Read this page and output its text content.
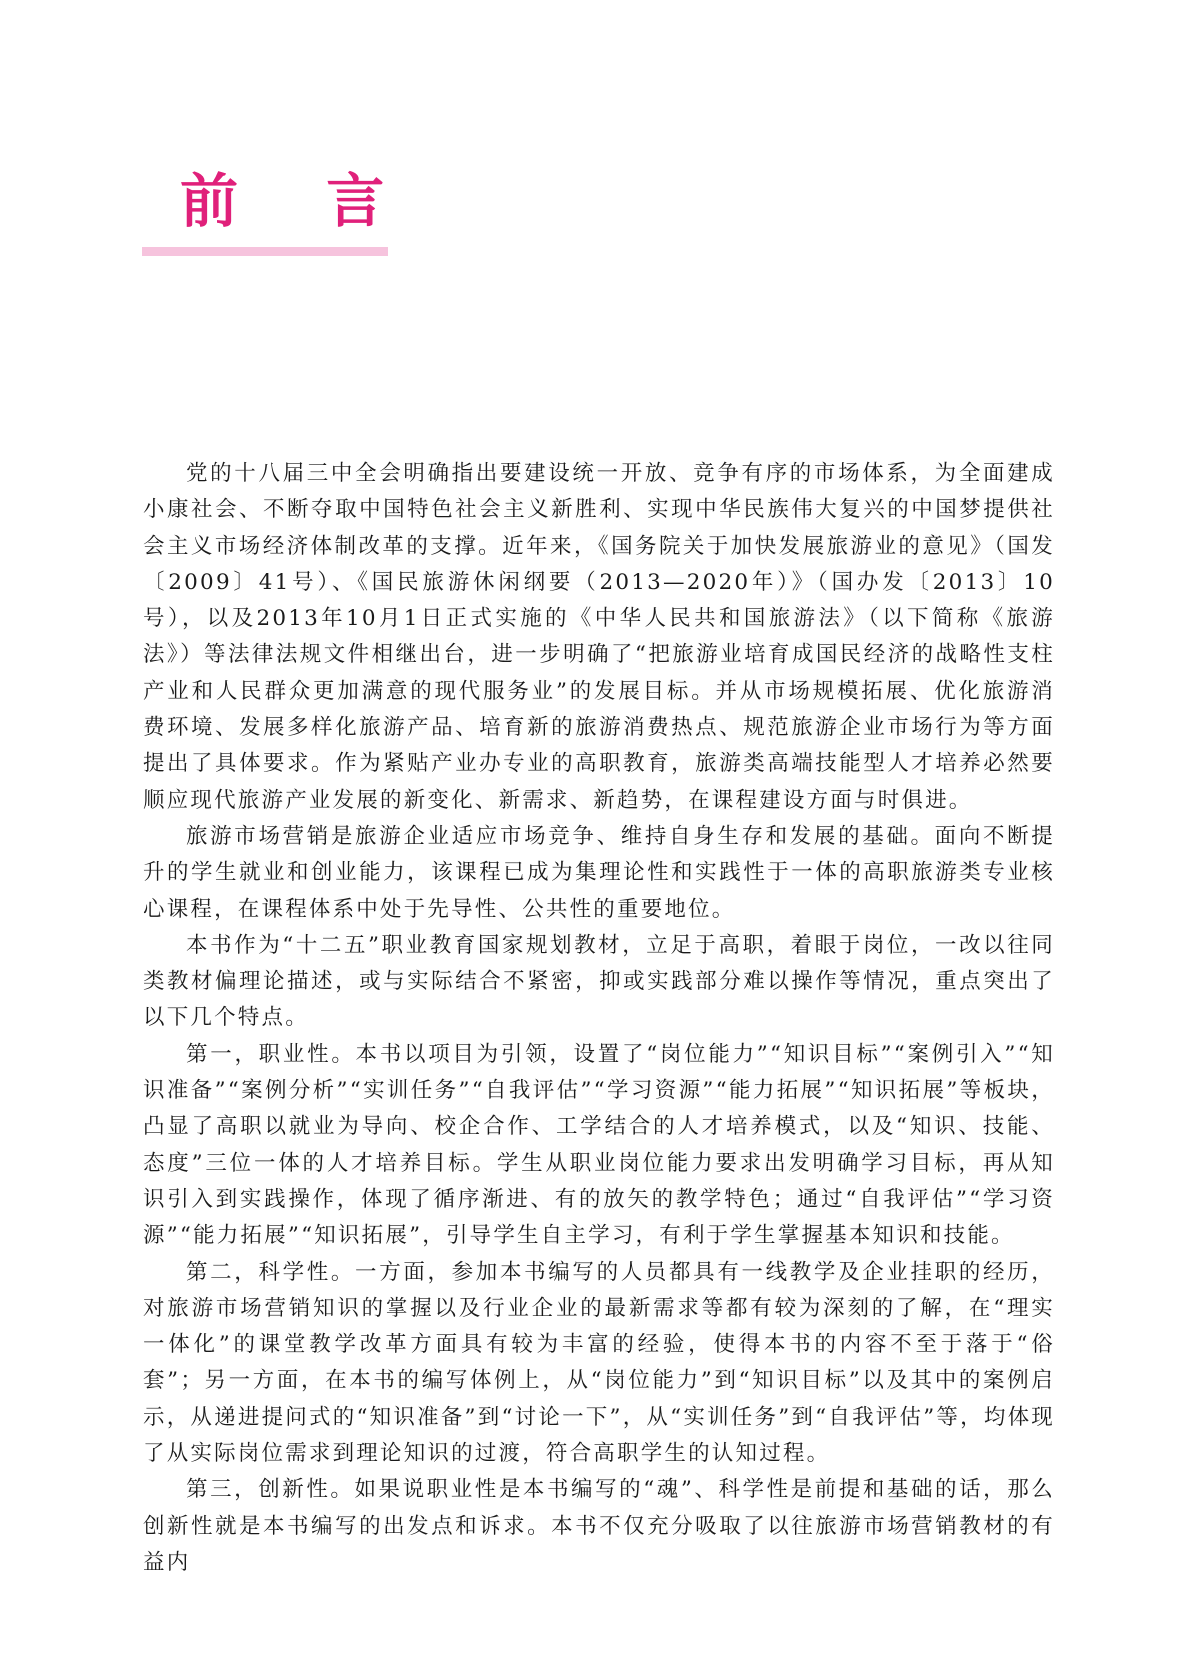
前 言

党的十八届三中全会明确指出要建设统一开放、竞争有序的市场体系，为全面建成小康社会、不断夺取中国特色社会主义新胜利、实现中华民族伟大复兴的中国梦提供社会主义市场经济体制改革的支撑。近年来，《国务院关于加快发展旅游业的意见》（国发〔2009〕41号）、《国民旅游休闲纲要（2013—2020年）》（国办发〔2013〕10号），以及2013年10月1日正式实施的《中华人民共和国旅游法》（以下简称《旅游法》）等法律法规文件相继出台，进一步明确了“把旅游业培育成国民经济的战略性支柱产业和人民群众更加满意的现代服务业”的发展目标。并从市场规模拓展、优化旅游消费环境、发展多样化旅游产品、培育新的旅游消费热点、规范旅游企业市场行为等方面提出了具体要求。作为紧贴产业办专业的高职教育，旅游类高端技能型人才培养必然要顺应现代旅游产业发展的新变化、新需求、新趋势，在课程建设方面与时俱进。

旅游市场营销是旅游企业适应市场竞争、维持自身生存和发展的基础。面向不断提升的学生就业和创业能力，该课程已成为集理论性和实践性于一体的高职旅游类专业核心课程，在课程体系中处于先导性、公共性的重要地位。

本书作为“十二五”职业教育国家规划教材，立足于高职，着眼于岗位，一改以往同类教材偏理论描述，或与实际结合不紧密，抑或实践部分难以操作等情况，重点突出了以下几个特点。

第一，职业性。本书以项目为引领，设置了“岗位能力”“知识目标”“案例引入”“知识准备”“案例分析”“实训任务”“自我评估”“学习资源”“能力拓展”“知识拓展”等板块，凸显了高职以就业为导向、校企合作、工学结合的人才培养模式，以及“知识、技能、态度”三位一体的人才培养目标。学生从职业岗位能力要求出发明确学习目标，再从知识引入到实践操作，体现了循序渐进、有的放矢的教学特色；通过“自我评估”“学习资源”“能力拓展”“知识拓展”，引导学生自主学习，有利于学生掌握基本知识和技能。

第二，科学性。一方面，参加本书编写的人员都具有一线教学及企业挂职的经历，对旅游市场营销知识的掌握以及行业企业的最新需求等都有较为深刻的了解，在“理实一体化”的课堂教学改革方面具有较为丰富的经验，使得本书的内容不至于落于“俗套”；另一方面，在本书的编写体例上，从“岗位能力”到“知识目标”以及其中的案例启示，从递进提问式的“知识准备”到“讨论一下”，从“实训任务”到“自我评估”等，均体现了从实际岗位需求到理论知识的过渡，符合高职学生的认知过程。

第三，创新性。如果说职业性是本书编写的“魂”、科学性是前提和基础的话，那么创新性就是本书编写的出发点和诉求。本书不仅充分吸取了以往旅游市场营销教材的有益内
